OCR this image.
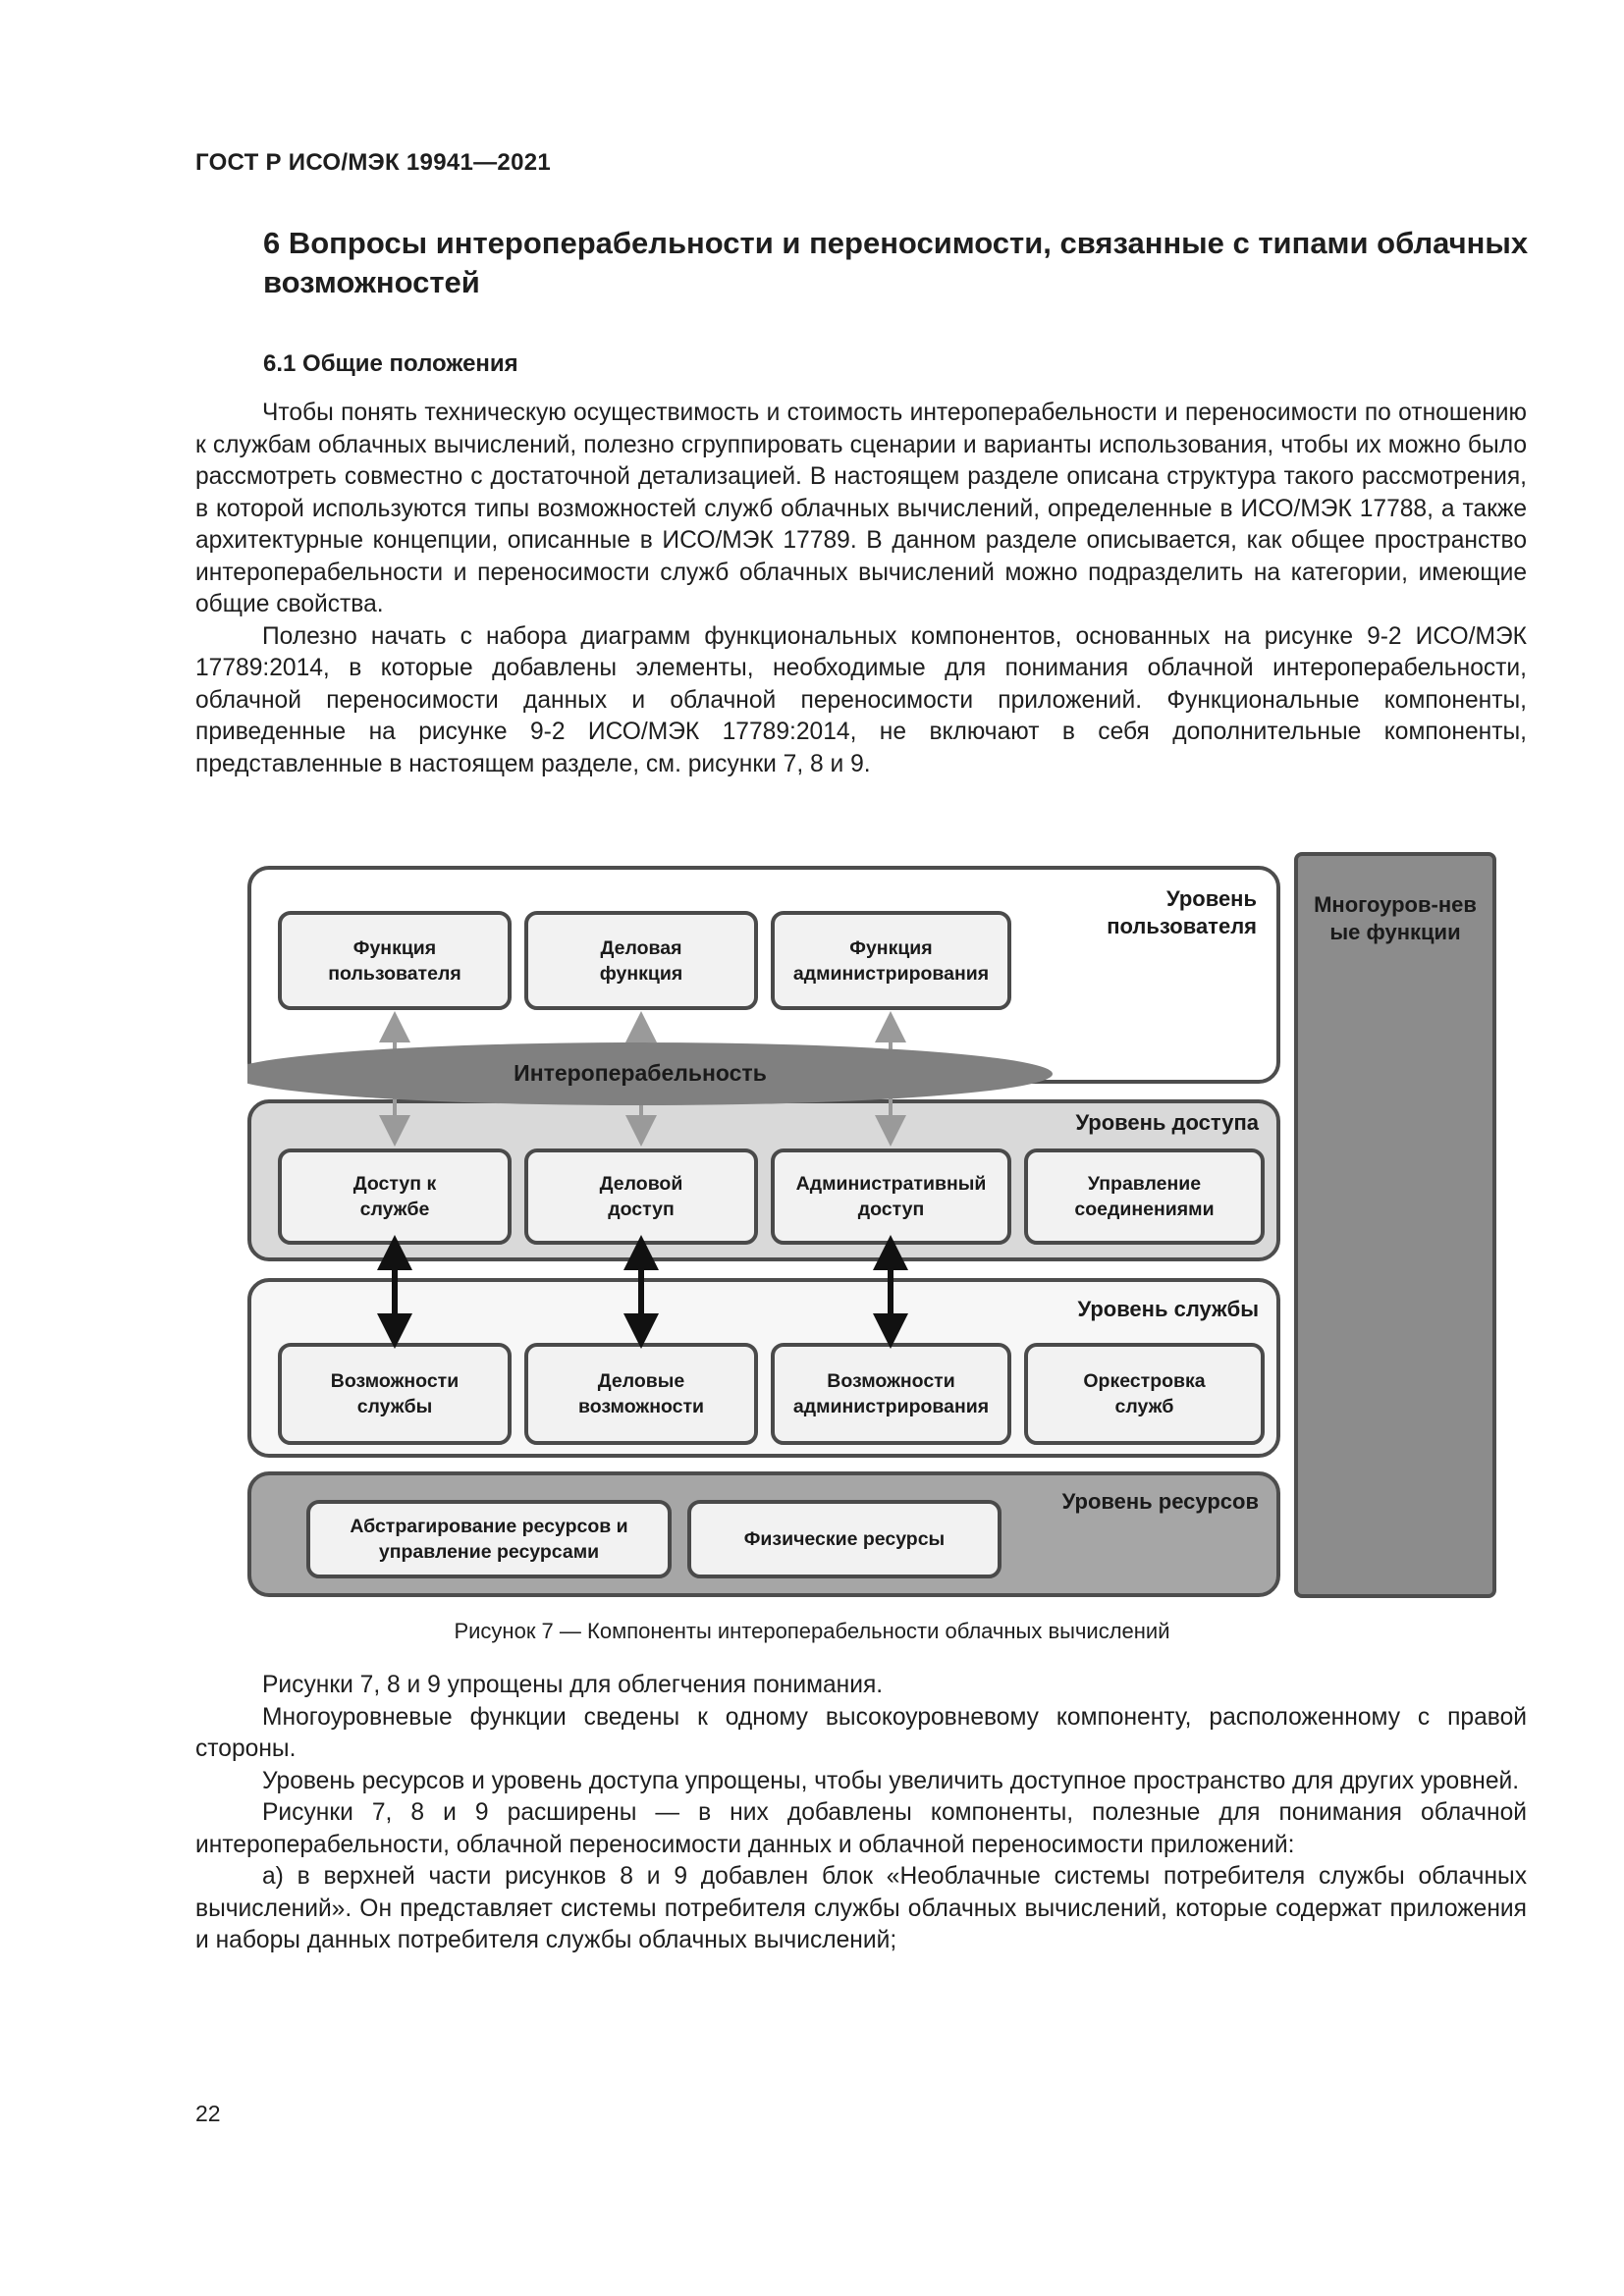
ГОСТ Р ИСО/МЭК 19941—2021
6 Вопросы интероперабельности и переносимости, связанные с типами облачных возможностей
6.1 Общие положения

Чтобы понять техническую осуществимость и стоимость интероперабельности и переносимости по отношению к службам облачных вычислений, полезно сгруппировать сценарии и варианты использования, чтобы их можно было рассмотреть совместно с достаточной детализацией. В настоящем разделе описана структура такого рассмотрения, в которой используются типы возможностей служб облачных вычислений, определенные в ИСО/МЭК 17788, а также архитектурные концепции, описанные в ИСО/МЭК 17789. В данном разделе описывается, как общее пространство интероперабельности и переносимости служб облачных вычислений можно подразделить на категории, имеющие общие свойства.

Полезно начать с набора диаграмм функциональных компонентов, основанных на рисунке 9-2 ИСО/МЭК 17789:2014, в которые добавлены элементы, необходимые для понимания облачной интероперабельности, облачной переносимости данных и облачной переносимости приложений. Функциональные компоненты, приведенные на рисунке 9-2 ИСО/МЭК 17789:2014, не включают в себя дополнительные компоненты, представленные в настоящем разделе, см. рисунки 7, 8 и 9.

Многоуров-невые функции
Уровень пользователя
Функция пользователя
Деловая функция
Функция администрирования
Уровень доступа
Доступ к службе
Деловой доступ
Административный доступ
Управление соединениями
Уровень службы
Возможности службы
Деловые возможности
Возможности администрирования
Оркестровка служб
Уровень ресурсов
Абстрагирование ресурсов и управление ресурсами
Физические ресурсы
Интероперабельность
Рисунок 7 — Компоненты интероперабельности облачных вычислений

Рисунки 7, 8 и 9 упрощены для облегчения понимания.

Многоуровневые функции сведены к одному высокоуровневому компоненту, расположенному с правой стороны.

Уровень ресурсов и уровень доступа упрощены, чтобы увеличить доступное пространство для других уровней.

Рисунки 7, 8 и 9 расширены — в них добавлены компоненты, полезные для понимания облачной интероперабельности, облачной переносимости данных и облачной переносимости приложений:

а) в верхней части рисунков 8 и 9 добавлен блок «Необлачные системы потребителя службы облачных вычислений». Он представляет системы потребителя службы облачных вычислений, которые содержат приложения и наборы данных потребителя службы облачных вычислений;

22
